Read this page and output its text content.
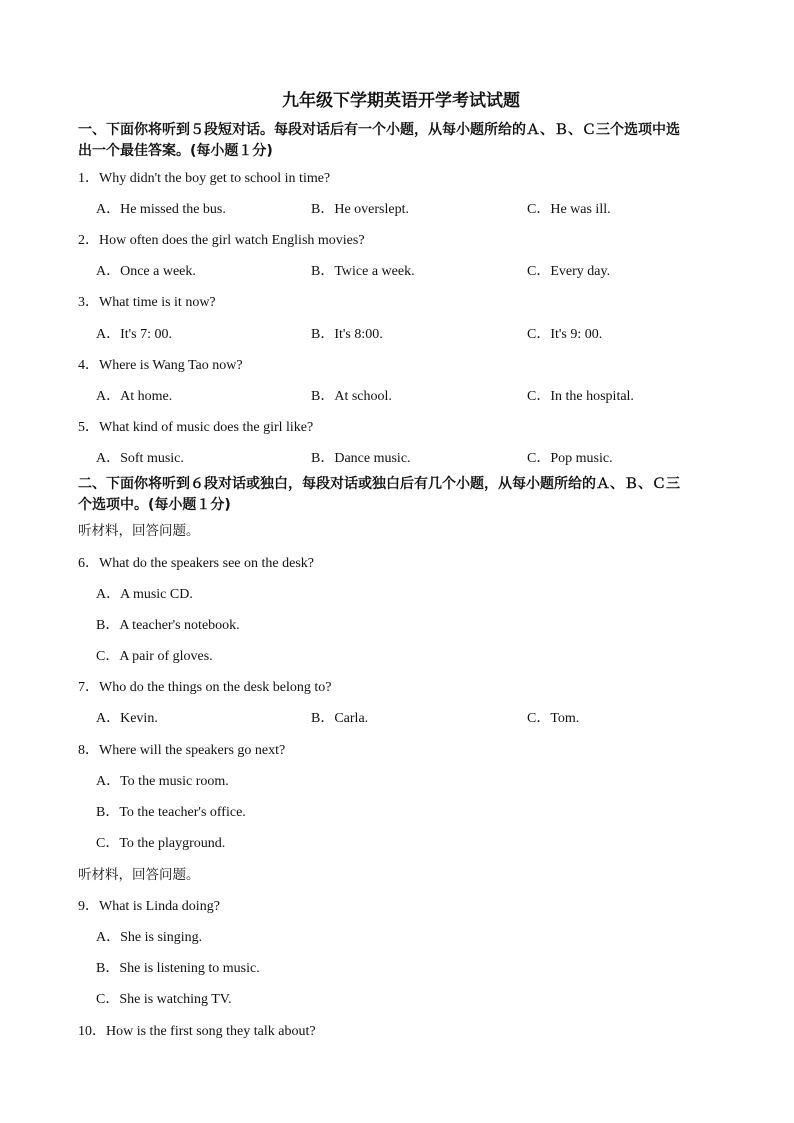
九年级下学期英语开学考试试题
一、下面你将听到５段短对话。每段对话后有一个小题，从每小题所给的Ａ、Ｂ、Ｃ三个选项中选
出一个最佳答案。(每小题１分)
1．Why didn't the boy get to school in time?
A．He missed the bus.	B．He overslept.	C．He was ill.
2．How often does the girl watch English movies?
A．Once a week.	B．Twice a week.	C．Every day.
3．What time is it now?
A．It's 7: 00.	B．It's 8:00.	C．It's 9: 00.
4．Where is Wang Tao now?
A．At home.	B．At school.	C．In the hospital.
5．What kind of music does the girl like?
A．Soft music.	B．Dance music.	C．Pop music.
二、下面你将听到６段对话或独白，每段对话或独白后有几个小题，从每小题所给的Ａ、Ｂ、Ｃ三
个选项中。(每小题１分)
听材料，回答问题。
6．What do the speakers see on the desk?
A．A music CD.
B．A teacher's notebook.
C．A pair of gloves.
7．Who do the things on the desk belong to?
A．Kevin.	B．Carla.	C．Tom.
8．Where will the speakers go next?
A．To the music room.
B．To the teacher's office.
C．To the playground.
听材料，回答问题。
9．What is Linda doing?
A．She is singing.
B．She is listening to music.
C．She is watching TV.
10．How is the first song they talk about?
